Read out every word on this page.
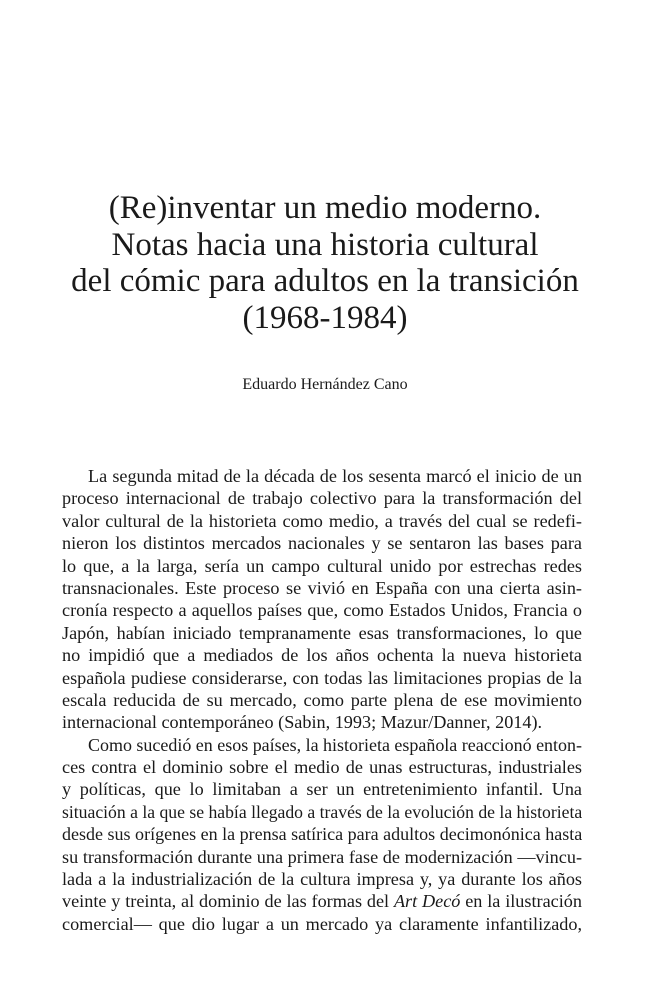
(Re)inventar un medio moderno.
Notas hacia una historia cultural
del cómic para adultos en la transición
(1968-1984)
Eduardo Hernández Cano
La segunda mitad de la década de los sesenta marcó el inicio de un
proceso internacional de trabajo colectivo para la transformación del
valor cultural de la historieta como medio, a través del cual se redefi-
nieron los distintos mercados nacionales y se sentaron las bases para
lo que, a la larga, sería un campo cultural unido por estrechas redes
transnacionales. Este proceso se vivió en España con una cierta asin-
cronía respecto a aquellos países que, como Estados Unidos, Francia o
Japón, habían iniciado tempranamente esas transformaciones, lo que
no impidió que a mediados de los años ochenta la nueva historieta
española pudiese considerarse, con todas las limitaciones propias de la
escala reducida de su mercado, como parte plena de ese movimiento
internacional contemporáneo (Sabin, 1993; Mazur/Danner, 2014).
Como sucedió en esos países, la historieta española reaccionó enton-
ces contra el dominio sobre el medio de unas estructuras, industriales
y políticas, que lo limitaban a ser un entretenimiento infantil. Una
situación a la que se había llegado a través de la evolución de la historieta
desde sus orígenes en la prensa satírica para adultos decimonónica hasta
su transformación durante una primera fase de modernización —vincu-
lada a la industrialización de la cultura impresa y, ya durante los años
veinte y treinta, al dominio de las formas del Art Decó en la ilustración
comercial— que dio lugar a un mercado ya claramente infantilizado,
